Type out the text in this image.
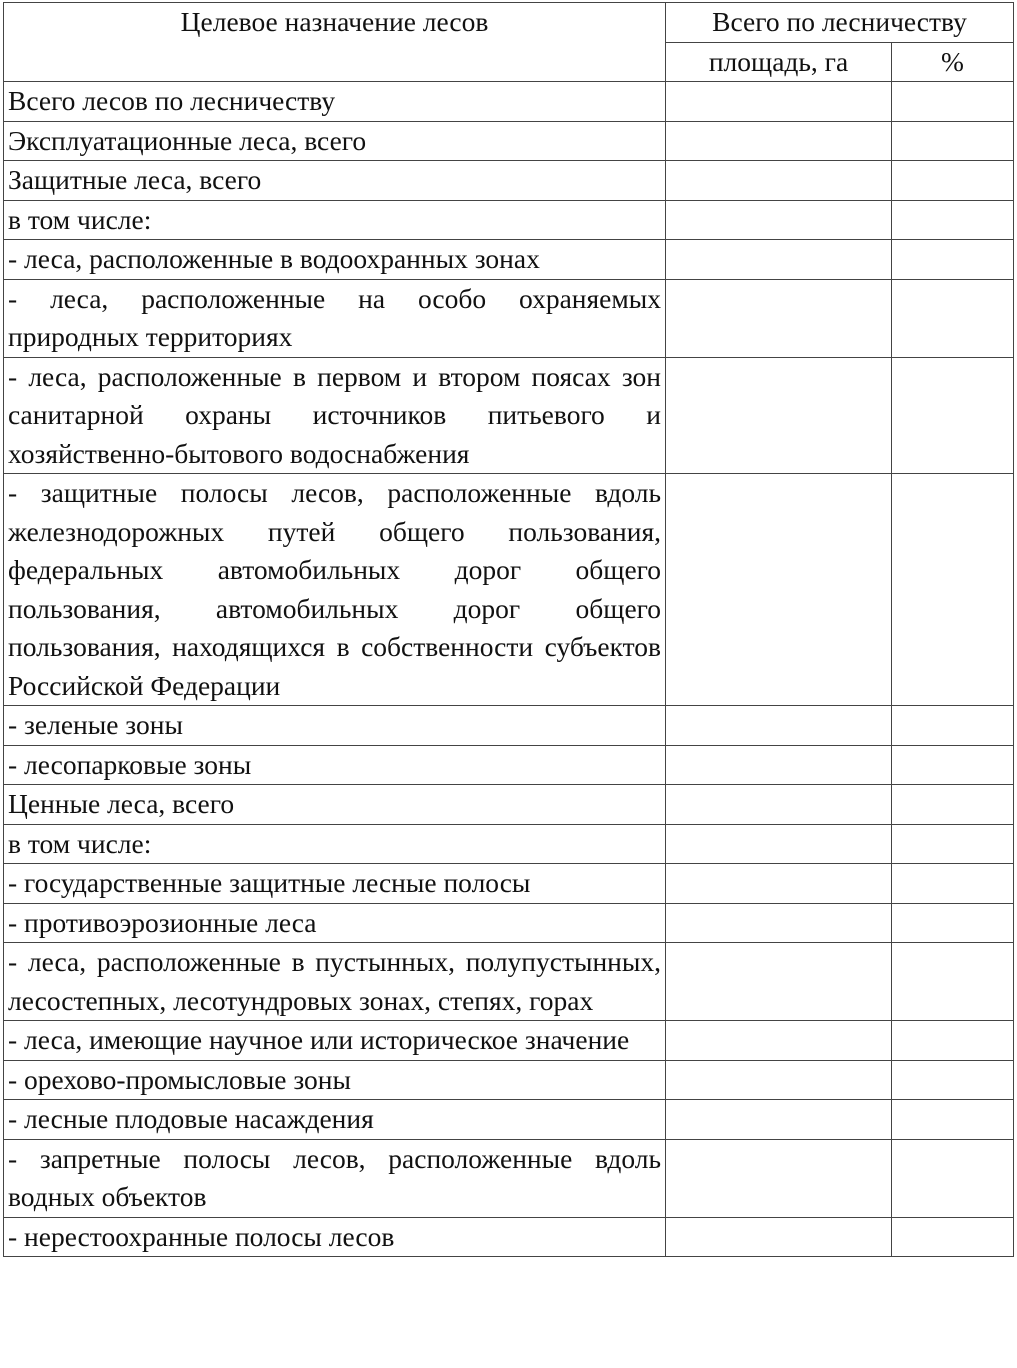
Целевое назначение лесов	Всего по лесничеству	
	площадь, га	%
Всего лесов по лесничеству		
Эксплуатационные леса, всего		
Защитные леса, всего		
в том числе:		
- леса, расположенные в водоохранных зонах		
- леса, расположенные на особо охраняемых природных территориях		
- леса, расположенные в первом и втором поясах зон санитарной охраны источников питьевого и хозяйственно-бытового водоснабжения		
- защитные полосы лесов, расположенные вдоль железнодорожных путей общего пользования, федеральных автомобильных дорог общего пользования, автомобильных дорог общего пользования, находящихся в собственности субъектов Российской Федерации		
- зеленые зоны		
- лесопарковые зоны		
Ценные леса, всего		
в том числе:		
- государственные защитные лесные полосы		
- противоэрозионные леса		
- леса, расположенные в пустынных, полупустынных, лесостепных, лесотундровых зонах, степях, горах		
- леса, имеющие научное или историческое значение		
- орехово-промысловые зоны		
- лесные плодовые насаждения		
- запретные полосы лесов, расположенные вдоль водных объектов		
- нерестоохранные полосы лесов		
